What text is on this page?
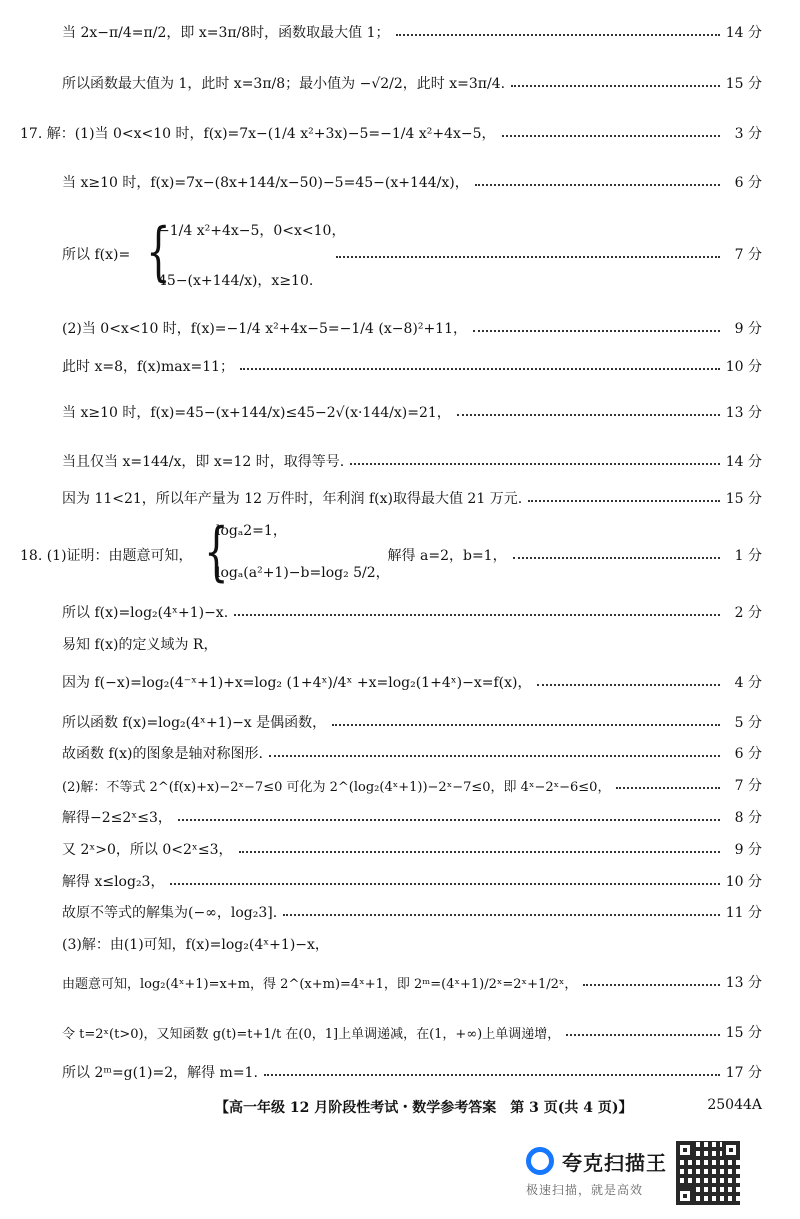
当 2x−π/4=π/2，即 x=3π/8时，函数取最大值 1；	14 分
所以函数最大值为 1，此时 x=3π/8；最小值为 −√2/2，此时 x=3π/4.	15 分
17. 解：(1)当 0<x<10 时，f(x)=7x−(1/4 x²+3x)−5=−1/4 x²+4x−5，	3 分
当 x≥10 时，f(x)=7x−(8x+144/x−50)−5=45−(x+144/x)，	6 分
所以 f(x)=	7 分
{
−1/4 x²+4x−5，0<x<10，
45−(x+144/x)，x≥10.
(2)当 0<x<10 时，f(x)=−1/4 x²+4x−5=−1/4 (x−8)²+11，	9 分
此时 x=8，f(x)max=11；	10 分
当 x≥10 时，f(x)=45−(x+144/x)≤45−2√(x·144/x)=21，	13 分
当且仅当 x=144/x，即 x=12 时，取得等号.	14 分
因为 11<21，所以年产量为 12 万件时，年利润 f(x)取得最大值 21 万元.	15 分
18. (1)证明：由题意可知，	解得 a=2，b=1，	1 分
{
logₐ2=1，
logₐ(a²+1)−b=log₂ 5/2，
所以 f(x)=log₂(4ˣ+1)−x.	2 分
易知 f(x)的定义域为 R，
因为 f(−x)=log₂(4⁻ˣ+1)+x=log₂ (1+4ˣ)/4ˣ +x=log₂(1+4ˣ)−x=f(x)，	4 分
所以函数 f(x)=log₂(4ˣ+1)−x 是偶函数，	5 分
故函数 f(x)的图象是轴对称图形.	6 分
(2)解：不等式 2^(f(x)+x)−2ˣ−7≤0 可化为 2^(log₂(4ˣ+1))−2ˣ−7≤0，即 4ˣ−2ˣ−6≤0，	7 分
解得−2≤2ˣ≤3，	8 分
又 2ˣ>0，所以 0<2ˣ≤3，	9 分
解得 x≤log₂3，	10 分
故原不等式的解集为(−∞，log₂3].	11 分
(3)解：由(1)可知，f(x)=log₂(4ˣ+1)−x，
由题意可知，log₂(4ˣ+1)=x+m，得 2^(x+m)=4ˣ+1，即 2ᵐ=(4ˣ+1)/2ˣ=2ˣ+1/2ˣ，	13 分
令 t=2ˣ(t>0)，又知函数 g(t)=t+1/t 在(0，1]上单调递减，在(1，+∞)上单调递增，	15 分
所以 2ᵐ=g(1)=2，解得 m=1.	17 分
【高一年级 12 月阶段性考试・数学参考答案　第 3 页(共 4 页)】	25044A
夸克扫描王
极速扫描，就是高效
